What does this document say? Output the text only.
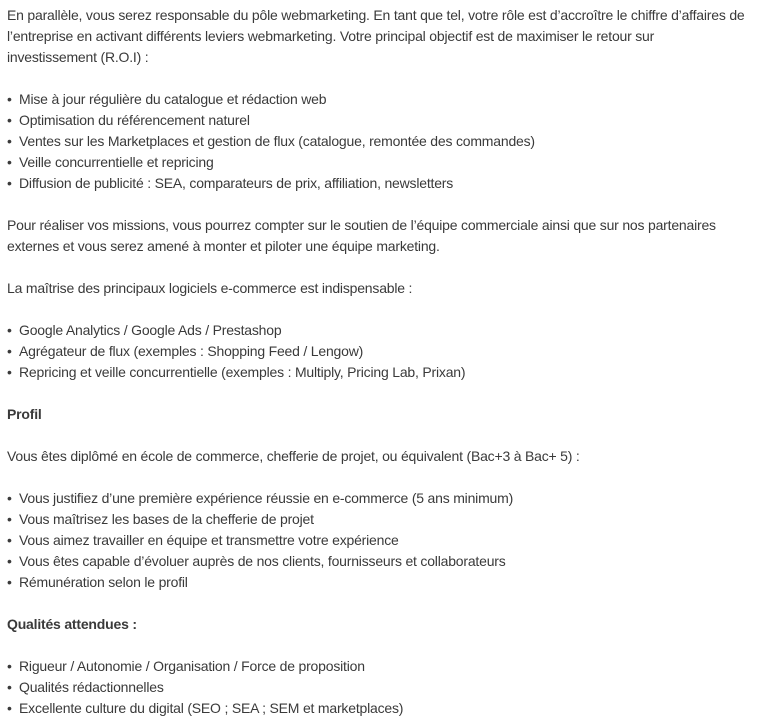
En parallèle, vous serez responsable du pôle webmarketing. En tant que tel, votre rôle est d’accroître le chiffre d’affaires de
l’entreprise en activant différents leviers webmarketing. Votre principal objectif est de maximiser le retour sur
investissement (R.O.I) :

• Mise à jour régulière du catalogue et rédaction web
• Optimisation du référencement naturel
• Ventes sur les Marketplaces et gestion de flux (catalogue, remontée des commandes)
• Veille concurrentielle et repricing
• Diffusion de publicité : SEA, comparateurs de prix, affiliation, newsletters

Pour réaliser vos missions, vous pourrez compter sur le soutien de l’équipe commerciale ainsi que sur nos partenaires
externes et vous serez amené à monter et piloter une équipe marketing.

La maîtrise des principaux logiciels e-commerce est indispensable :

• Google Analytics / Google Ads / Prestashop
• Agrégateur de flux (exemples : Shopping Feed / Lengow)
• Repricing et veille concurrentielle (exemples : Multiply, Pricing Lab, Prixan)
Profil

Vous êtes diplômé en école de commerce, chefferie de projet, ou équivalent (Bac+3 à Bac+ 5) :

• Vous justifiez d’une première expérience réussie en e-commerce (5 ans minimum)
• Vous maîtrisez les bases de la chefferie de projet
• Vous aimez travailler en équipe et transmettre votre expérience
• Vous êtes capable d’évoluer auprès de nos clients, fournisseurs et collaborateurs
• Rémunération selon le profil
Qualités attendues :
• Rigueur / Autonomie / Organisation / Force de proposition
• Qualités rédactionnelles
• Excellente culture du digital (SEO ; SEA ; SEM et marketplaces)
